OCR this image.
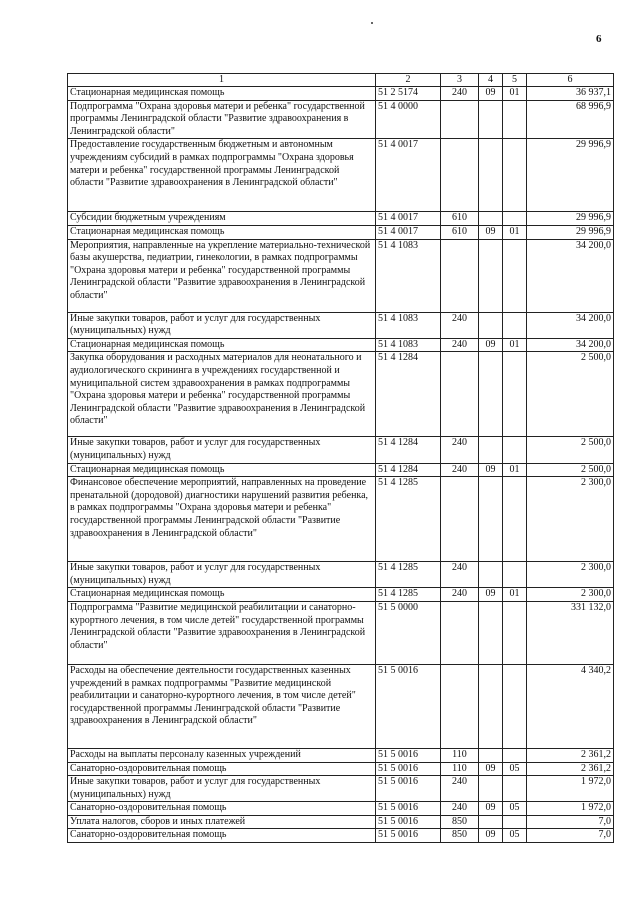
6
1	2	3	4	5	6
Стационарная медицинская помощь	51 2 5174	240	09	01	36 937,1
Подпрограмма "Охрана здоровья матери и ребенка" государственной программы Ленинградской области "Развитие здравоохранения в Ленинградской области"	51 4 0000				68 996,9
Предоставление государственным бюджетным и автономным учреждениям субсидий в рамках подпрограммы "Охрана здоровья матери и ребенка" государственной программы Ленинградской области "Развитие здравоохранения в Ленинградской области"	51 4 0017				29 996,9
Субсидии бюджетным учреждениям	51 4 0017	610			29 996,9
Стационарная медицинская помощь	51 4 0017	610	09	01	29 996,9
Мероприятия, направленные на укрепление материально-технической базы акушерства, педиатрии, гинекологии, в рамках подпрограммы "Охрана здоровья матери и ребенка" государственной программы Ленинградской области "Развитие здравоохранения в Ленинградской области"	51 4 1083				34 200,0
Иные закупки товаров, работ и услуг для государственных (муниципальных) нужд	51 4 1083	240			34 200,0
Стационарная медицинская помощь	51 4 1083	240	09	01	34 200,0
Закупка оборудования и расходных материалов для неонатального и аудиологического скрининга в учреждениях государственной и муниципальной систем здравоохранения в рамках подпрограммы "Охрана здоровья матери и ребенка" государственной программы Ленинградской области "Развитие здравоохранения в Ленинградской области"	51 4 1284				2 500,0
Иные закупки товаров, работ и услуг для государственных (муниципальных) нужд	51 4 1284	240			2 500,0
Стационарная медицинская помощь	51 4 1284	240	09	01	2 500,0
Финансовое обеспечение мероприятий, направленных на проведение пренатальной (дородовой) диагностики нарушений развития ребенка, в рамках подпрограммы "Охрана здоровья матери и ребенка" государственной программы Ленинградской области "Развитие здравоохранения в Ленинградской области"	51 4 1285				2 300,0
Иные закупки товаров, работ и услуг для государственных (муниципальных) нужд	51 4 1285	240			2 300,0
Стационарная медицинская помощь	51 4 1285	240	09	01	2 300,0
Подпрограмма "Развитие медицинской реабилитации и санаторно-курортного лечения, в том числе детей" государственной программы Ленинградской области "Развитие здравоохранения в Ленинградской области"	51 5 0000				331 132,0
Расходы на обеспечение деятельности государственных казенных учреждений в рамках подпрограммы "Развитие медицинской реабилитации и санаторно-курортного лечения, в том числе детей" государственной программы Ленинградской области "Развитие здравоохранения в Ленинградской области"	51 5 0016				4 340,2
Расходы на выплаты персоналу казенных учреждений	51 5 0016	110			2 361,2
Санаторно-оздоровительная помощь	51 5 0016	110	09	05	2 361,2
Иные закупки товаров, работ и услуг для государственных (муниципальных) нужд	51 5 0016	240			1 972,0
Санаторно-оздоровительная помощь	51 5 0016	240	09	05	1 972,0
Уплата налогов, сборов и иных платежей	51 5 0016	850			7,0
Санаторно-оздоровительная помощь	51 5 0016	850	09	05	7,0
